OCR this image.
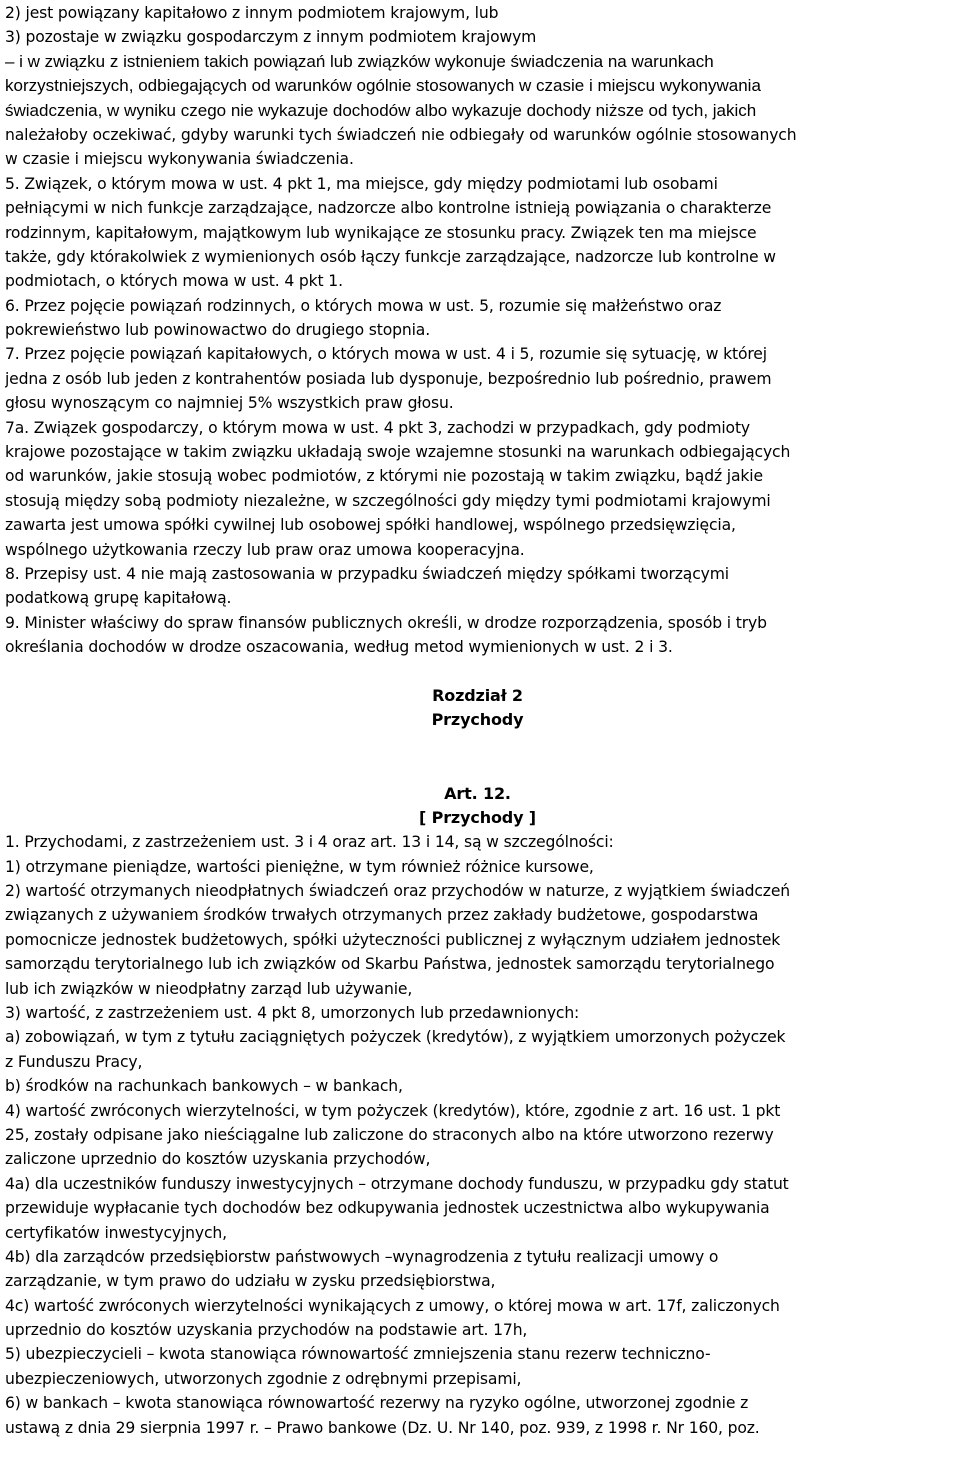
2) jest powiązany kapitałowo z innym podmiotem krajowym, lub
3) pozostaje w związku gospodarczym z innym podmiotem krajowym
– i w związku z istnieniem takich powiązań lub związków wykonuje świadczenia na warunkach
korzystniejszych, odbiegających od warunków ogólnie stosowanych w czasie i miejscu wykonywania
świadczenia, w wyniku czego nie wykazuje dochodów albo wykazuje dochody niższe od tych, jakich
należałoby oczekiwać, gdyby warunki tych świadczeń nie odbiegały od warunków ogólnie stosowanych
w czasie i miejscu wykonywania świadczenia.
5. Związek, o którym mowa w ust. 4 pkt 1, ma miejsce, gdy między podmiotami lub osobami
pełniącymi w nich funkcje zarządzające, nadzorcze albo kontrolne istnieją powiązania o charakterze
rodzinnym, kapitałowym, majątkowym lub wynikające ze stosunku pracy. Związek ten ma miejsce
także, gdy którakolwiek z wymienionych osób łączy funkcje zarządzające, nadzorcze lub kontrolne w
podmiotach, o których mowa w ust. 4 pkt 1.
6. Przez pojęcie powiązań rodzinnych, o których mowa w ust. 5, rozumie się małżeństwo oraz
pokrewieństwo lub powinowactwo do drugiego stopnia.
7. Przez pojęcie powiązań kapitałowych, o których mowa w ust. 4 i 5, rozumie się sytuację, w której
jedna z osób lub jeden z kontrahentów posiada lub dysponuje, bezpośrednio lub pośrednio, prawem
głosu wynoszącym co najmniej 5% wszystkich praw głosu.
7a. Związek gospodarczy, o którym mowa w ust. 4 pkt 3, zachodzi w przypadkach, gdy podmioty
krajowe pozostające w takim związku układają swoje wzajemne stosunki na warunkach odbiegających
od warunków, jakie stosują wobec podmiotów, z którymi nie pozostają w takim związku, bądź jakie
stosują między sobą podmioty niezależne, w szczególności gdy między tymi podmiotami krajowymi
zawarta jest umowa spółki cywilnej lub osobowej spółki handlowej, wspólnego przedsięwzięcia,
wspólnego użytkowania rzeczy lub praw oraz umowa kooperacyjna.
8. Przepisy ust. 4 nie mają zastosowania w przypadku świadczeń między spółkami tworzącymi
podatkową grupę kapitałową.
9. Minister właściwy do spraw finansów publicznych określi, w drodze rozporządzenia, sposób i tryb
określania dochodów w drodze oszacowania, według metod wymienionych w ust. 2 i 3.
Rozdział 2
Przychody
Art. 12.
[ Przychody ]
1. Przychodami, z zastrzeżeniem ust. 3 i 4 oraz art. 13 i 14, są w szczególności:
1) otrzymane pieniądze, wartości pieniężne, w tym również różnice kursowe,
2) wartość otrzymanych nieodpłatnych świadczeń oraz przychodów w naturze, z wyjątkiem świadczeń
związanych z używaniem środków trwałych otrzymanych przez zakłady budżetowe, gospodarstwa
pomocnicze jednostek budżetowych, spółki użyteczności publicznej z wyłącznym udziałem jednostek
samorządu terytorialnego lub ich związków od Skarbu Państwa, jednostek samorządu terytorialnego
lub ich związków w nieodpłatny zarząd lub używanie,
3) wartość, z zastrzeżeniem ust. 4 pkt 8, umorzonych lub przedawnionych:
a) zobowiązań, w tym z tytułu zaciągniętych pożyczek (kredytów), z wyjątkiem umorzonych pożyczek
z Funduszu Pracy,
b) środków na rachunkach bankowych – w bankach,
4) wartość zwróconych wierzytelności, w tym pożyczek (kredytów), które, zgodnie z art. 16 ust. 1 pkt
25, zostały odpisane jako nieściągalne lub zaliczone do straconych albo na które utworzono rezerwy
zaliczone uprzednio do kosztów uzyskania przychodów,
4a) dla uczestników funduszy inwestycyjnych – otrzymane dochody funduszu, w przypadku gdy statut
przewiduje wypłacanie tych dochodów bez odkupywania jednostek uczestnictwa albo wykupywania
certyfikatów inwestycyjnych,
4b) dla zarządców przedsiębiorstw państwowych –wynagrodzenia z tytułu realizacji umowy o
zarządzanie, w tym prawo do udziału w zysku przedsiębiorstwa,
4c) wartość zwróconych wierzytelności wynikających z umowy, o której mowa w art. 17f, zaliczonych
uprzednio do kosztów uzyskania przychodów na podstawie art. 17h,
5) ubezpieczycieli – kwota stanowiąca równowartość zmniejszenia stanu rezerw techniczno-
ubezpieczeniowych, utworzonych zgodnie z odrębnymi przepisami,
6) w bankach – kwota stanowiąca równowartość rezerwy na ryzyko ogólne, utworzonej zgodnie z
ustawą z dnia 29 sierpnia 1997 r. – Prawo bankowe (Dz. U. Nr 140, poz. 939, z 1998 r. Nr 160, poz.
